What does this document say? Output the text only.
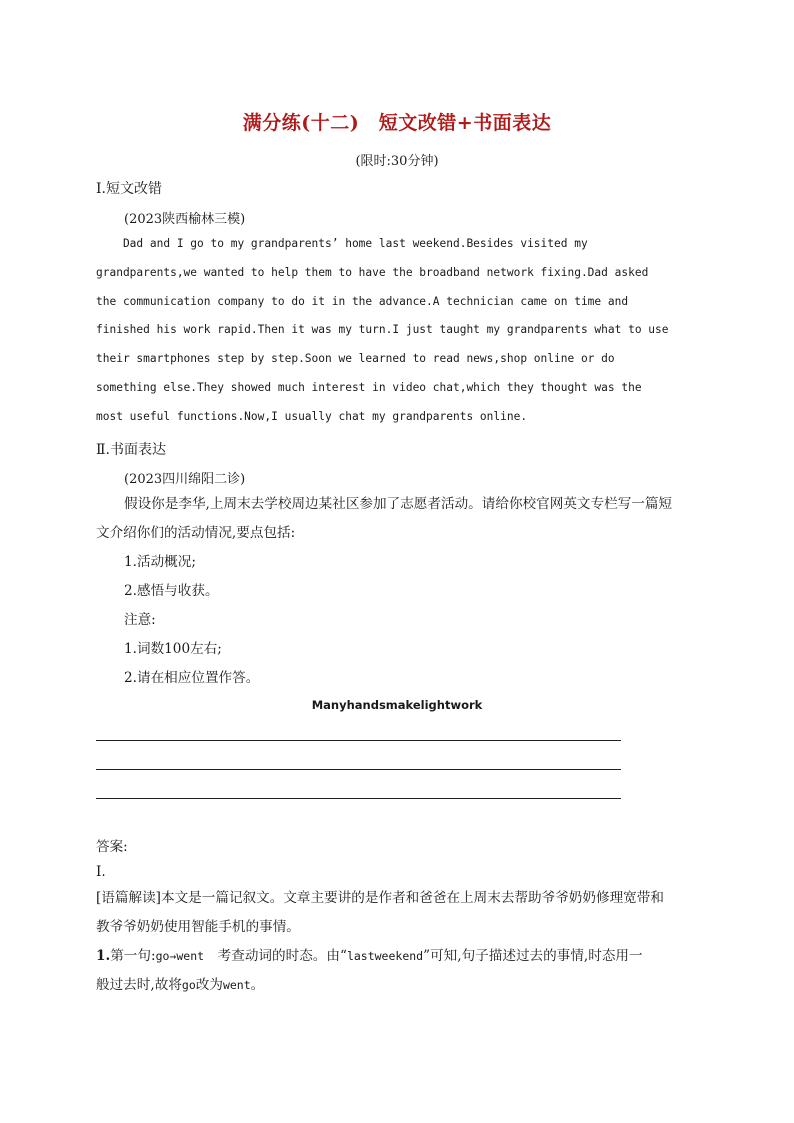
满分练(十二)　短文改错+书面表达
(限时:30分钟)
Ⅰ.短文改错
(2023陕西榆林三模)

Dad and I go to my grandparents’ home last weekend.Besides visited my

grandparents,we wanted to help them to have the broadband network fixing.Dad asked

the communication company to do it in the advance.A technician came on time and

finished his work rapid.Then it was my turn.I just taught my grandparents what to use

their smartphones step by step.Soon we learned to read news,shop online or do

something else.They showed much interest in video chat,which they thought was the

most useful functions.Now,I usually chat my grandparents online.

Ⅱ.书面表达
(2023四川绵阳二诊)

假设你是李华,上周末去学校周边某社区参加了志愿者活动。请给你校官网英文专栏写一篇短

文介绍你们的活动情况,要点包括:

1.活动概况;

2.感悟与收获。

注意:

1.词数100左右;

2.请在相应位置作答。

Manyhandsmakelightwork
答案:
Ⅰ.

[语篇解读]本文是一篇记叙文。文章主要讲的是作者和爸爸在上周末去帮助爷爷奶奶修理宽带和

教爷爷奶奶使用智能手机的事情。

1.第一句:go→went　考查动词的时态。由“lastweekend”可知,句子描述过去的事情,时态用一

般过去时,故将go改为went。
